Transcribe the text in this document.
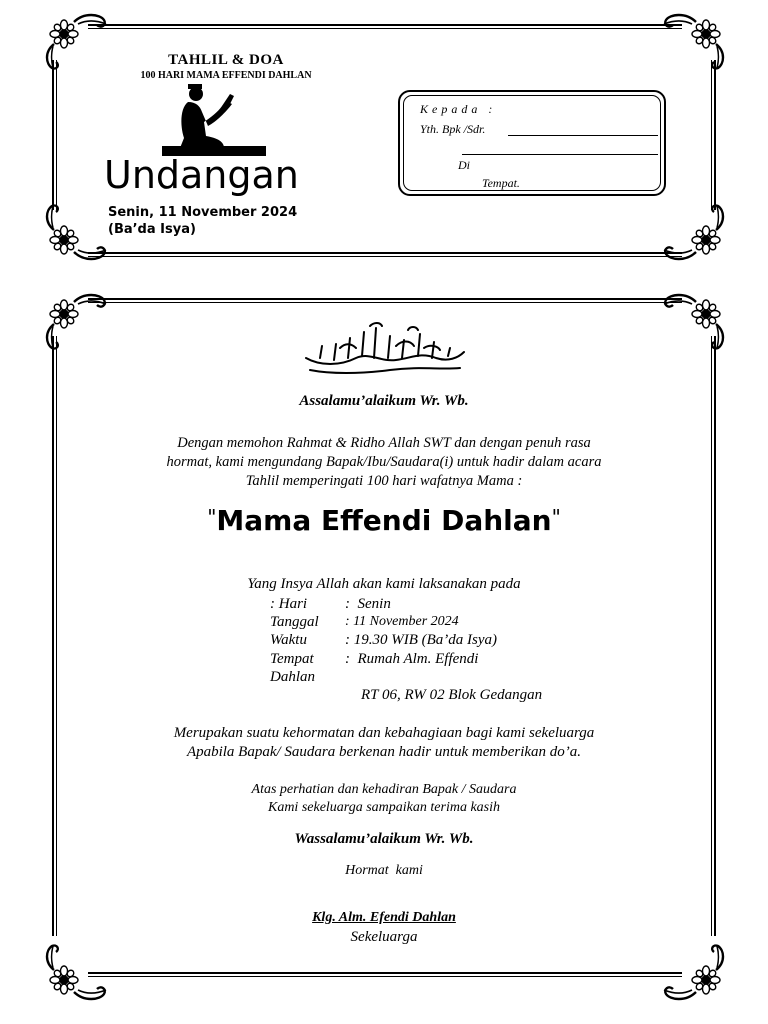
TAHLIL & DOA
100 HARI MAMA EFFENDI DAHLAN
Undangan
Senin, 11 November 2024
(Ba’da Isya)
Kepada :
Yth. Bpk /Sdr.
Di
Tempat.
Assalamu’alaikum Wr. Wb.
Dengan memohon Rahmat & Ridho Allah SWT dan dengan penuh rasa
hormat, kami mengundang Bapak/Ibu/Saudara(i) untuk hadir dalam acara
Tahlil memperingati 100 hari wafatnya Mama :
"Mama Effendi Dahlan"
Yang Insya Allah akan kami laksanakan pada
: Hari	:  Senin
Tanggal : 11 November 2024
Waktu	: 19.30 WIB (Ba’da Isya)
Tempat :  Rumah Alm. Effendi
Dahlan
RT 06, RW 02 Blok Gedangan
Merupakan suatu kehormatan dan kebahagiaan bagi kami sekeluarga
Apabila Bapak/ Saudara berkenan hadir untuk memberikan do’a.
Atas perhatian dan kehadiran Bapak / Saudara
Kami sekeluarga sampaikan terima kasih
Wassalamu’alaikum Wr. Wb.
Hormat  kami
Klg. Alm. Efendi Dahlan
Sekeluarga
